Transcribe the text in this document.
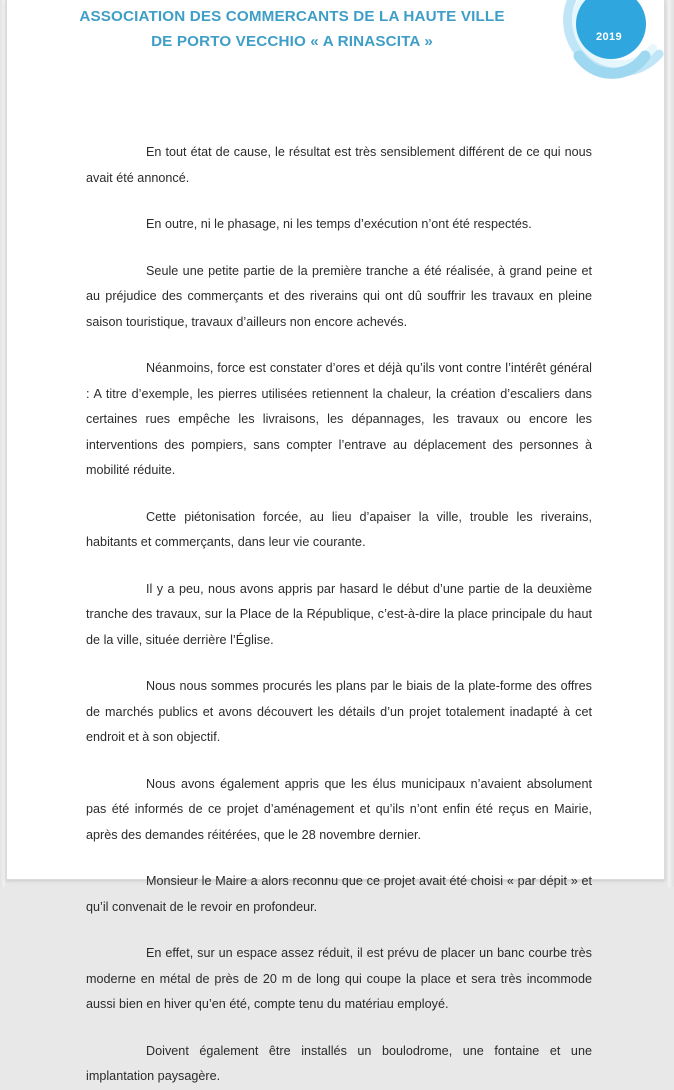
ASSOCIATION DES COMMERCANTS DE LA HAUTE VILLE
DE PORTO VECCHIO « A RINASCITA »	2019

En tout état de cause, le résultat est très sensiblement différent de ce qui nous avait été annoncé.

En outre, ni le phasage, ni les temps d’exécution n’ont été respectés.

Seule une petite partie de la première tranche a été réalisée, à grand peine et au préjudice des commerçants et des riverains qui ont dû souffrir les travaux en pleine saison touristique, travaux d’ailleurs non encore achevés.

Néanmoins, force est constater d’ores et déjà qu’ils vont contre l’intérêt général : A titre d’exemple, les pierres utilisées retiennent la chaleur, la création d’escaliers dans certaines rues empêche les livraisons, les dépannages, les travaux ou encore les interventions des pompiers, sans compter l’entrave au déplacement des personnes à mobilité réduite.

Cette piétonisation forcée, au lieu d’apaiser la ville, trouble les riverains, habitants et commerçants, dans leur vie courante.

Il y a peu, nous avons appris par hasard le début d’une partie de la deuxième tranche des travaux, sur la Place de la République, c’est-à-dire la place principale du haut de la ville, située derrière l’Église.

Nous nous sommes procurés les plans par le biais de la plate-forme des offres de marchés publics et avons découvert les détails d’un projet totalement inadapté à cet endroit et à son objectif.

Nous avons également appris que les élus municipaux n’avaient absolument pas été informés de ce projet d’aménagement et qu’ils n’ont enfin été reçus en Mairie, après des demandes réitérées, que le 28 novembre dernier.

Monsieur le Maire a alors reconnu que ce projet avait été choisi « par dépit » et qu’il convenait de le revoir en profondeur.

En effet, sur un espace assez réduit, il est prévu de placer un banc courbe très moderne en métal de près de 20 m de long qui coupe la place et sera très incommode aussi bien en hiver qu’en été, compte tenu du matériau employé.

Doivent également être installés un boulodrome, une fontaine et une implantation paysagère.
